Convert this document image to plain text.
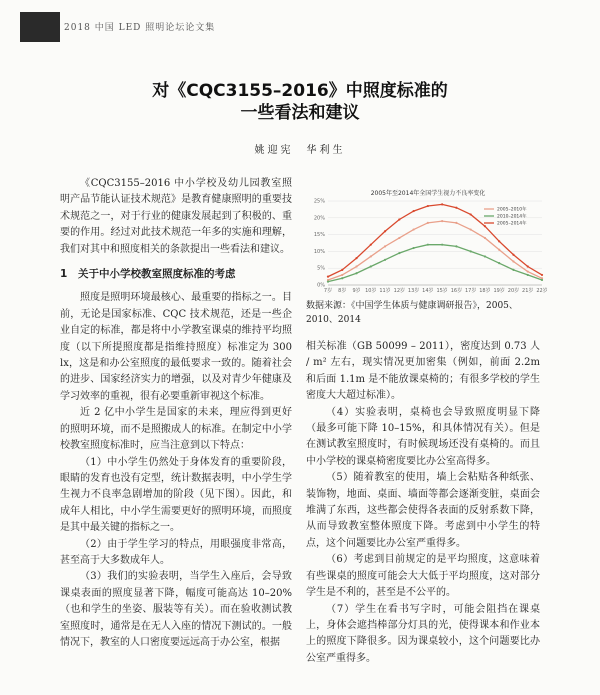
2018 中国 LED 照明论坛论文集
对《CQC3155–2016》中照度标准的
一些看法和建议
姚迎宪　华利生

《CQC3155–2016 中小学校及幼儿园教室照明产品节能认证技术规范》是教育健康照明的重要技术规范之一，对于行业的健康发展起到了积极的、重要的作用。经过对此技术规范一年多的实施和理解，我们对其中和照度相关的条款提出一些看法和建议。

1 关于中小学校教室照度标准的考虑

照度是照明环境最核心、最重要的指标之一。目前，无论是国家标准、CQC 技术规范，还是一些企业自定的标准，都是将中小学教室课桌的维持平均照度（以下所提照度都是指维持照度）标准定为 300 lx，这是和办公室照度的最低要求一致的。随着社会的进步、国家经济实力的增强，以及对青少年健康及学习效率的重视，很有必要重新审视这个标准。

近 2 亿中小学生是国家的未来，理应得到更好的照明环境，而不是照搬成人的标准。在制定中小学校教室照度标准时，应当注意到以下特点：

（1）中小学生仍然处于身体发育的重要阶段，眼睛的发育也没有定型，统计数据表明，中小学生学生视力不良率急剧增加的阶段（见下图）。因此，和成年人相比，中小学生需要更好的照明环境，而照度是其中最关键的指标之一。

（2）由于学生学习的特点，用眼强度非常高，甚至高于大多数成年人。

（3）我们的实验表明，当学生入座后，会导致课桌表面的照度显著下降，幅度可能高达 10–20%（也和学生的坐姿、服装等有关）。而在验收测试教室照度时，通常是在无人入座的情况下测试的。一般情况下，教室的人口密度要远远高于办公室，根据

2005年至2014年全国学生视力不良率变化
0%
5%
10%
15%
20%
25%
7岁 8岁 9岁 10岁 11岁 12岁 13岁 14岁 15岁 16岁 17岁 18岁 19岁 20岁 21岁 22岁
2005–2010年
2010–2014年
2005–2014年
数据来源：《中国学生体质与健康调研报告》，2005、2010、2014

相关标准（GB 50099 – 2011），密度达到 0.73 人 / m² 左右，现实情况更加密集（例如，前面 2.2m 和后面 1.1m 是不能放课桌椅的；有很多学校的学生密度大大超过标准）。

（4）实验表明，桌椅也会导致照度明显下降（最多可能下降 10–15%，和具体情况有关）。但是在测试教室照度时，有时候现场还没有桌椅的。而且中小学校的课桌椅密度要比办公室高得多。

（5）随着教室的使用，墙上会粘贴各种纸张、装饰物，地面、桌面、墙面等都会逐渐变脏，桌面会堆满了东西，这些都会使得各表面的反射系数下降，从而导致教室整体照度下降。考虑到中小学生的特点，这个问题要比办公室严重得多。

（6）考虑到目前规定的是平均照度，这意味着有些课桌的照度可能会大大低于平均照度，这对部分学生是不利的，甚至是不公平的。

（7）学生在看书写字时，可能会阻挡在课桌上，身体会遮挡棒部分灯具的光，使得课本和作业本上的照度下降很多。因为课桌较小，这个问题要比办公室严重得多。
